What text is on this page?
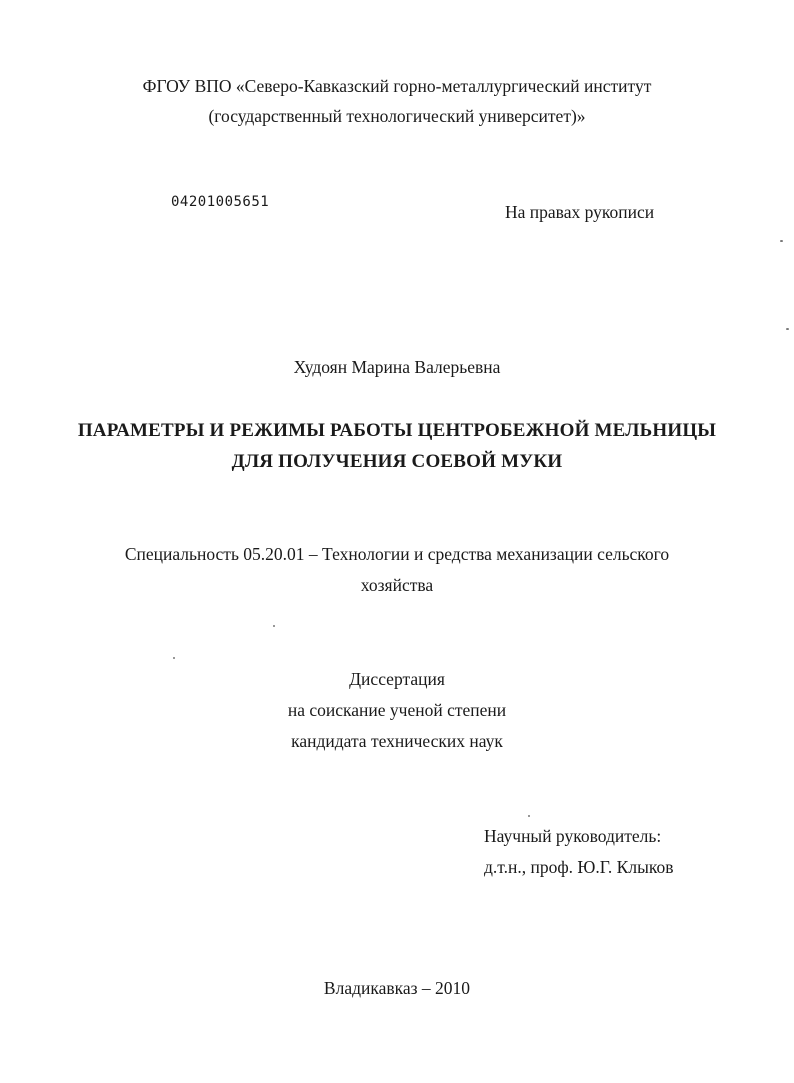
ФГОУ ВПО «Северо-Кавказский горно-металлургический институт
(государственный технологический университет)»
04201005651	На правах рукописи
Худоян Марина Валерьевна
ПАРАМЕТРЫ И РЕЖИМЫ РАБОТЫ ЦЕНТРОБЕЖНОЙ МЕЛЬНИЦЫ
ДЛЯ ПОЛУЧЕНИЯ СОЕВОЙ МУКИ
Специальность 05.20.01 – Технологии и средства механизации сельского
хозяйства
Диссертация
на соискание ученой степени
кандидата технических наук
Научный руководитель:
д.т.н., проф. Ю.Г. Клыков
Владикавказ – 2010
